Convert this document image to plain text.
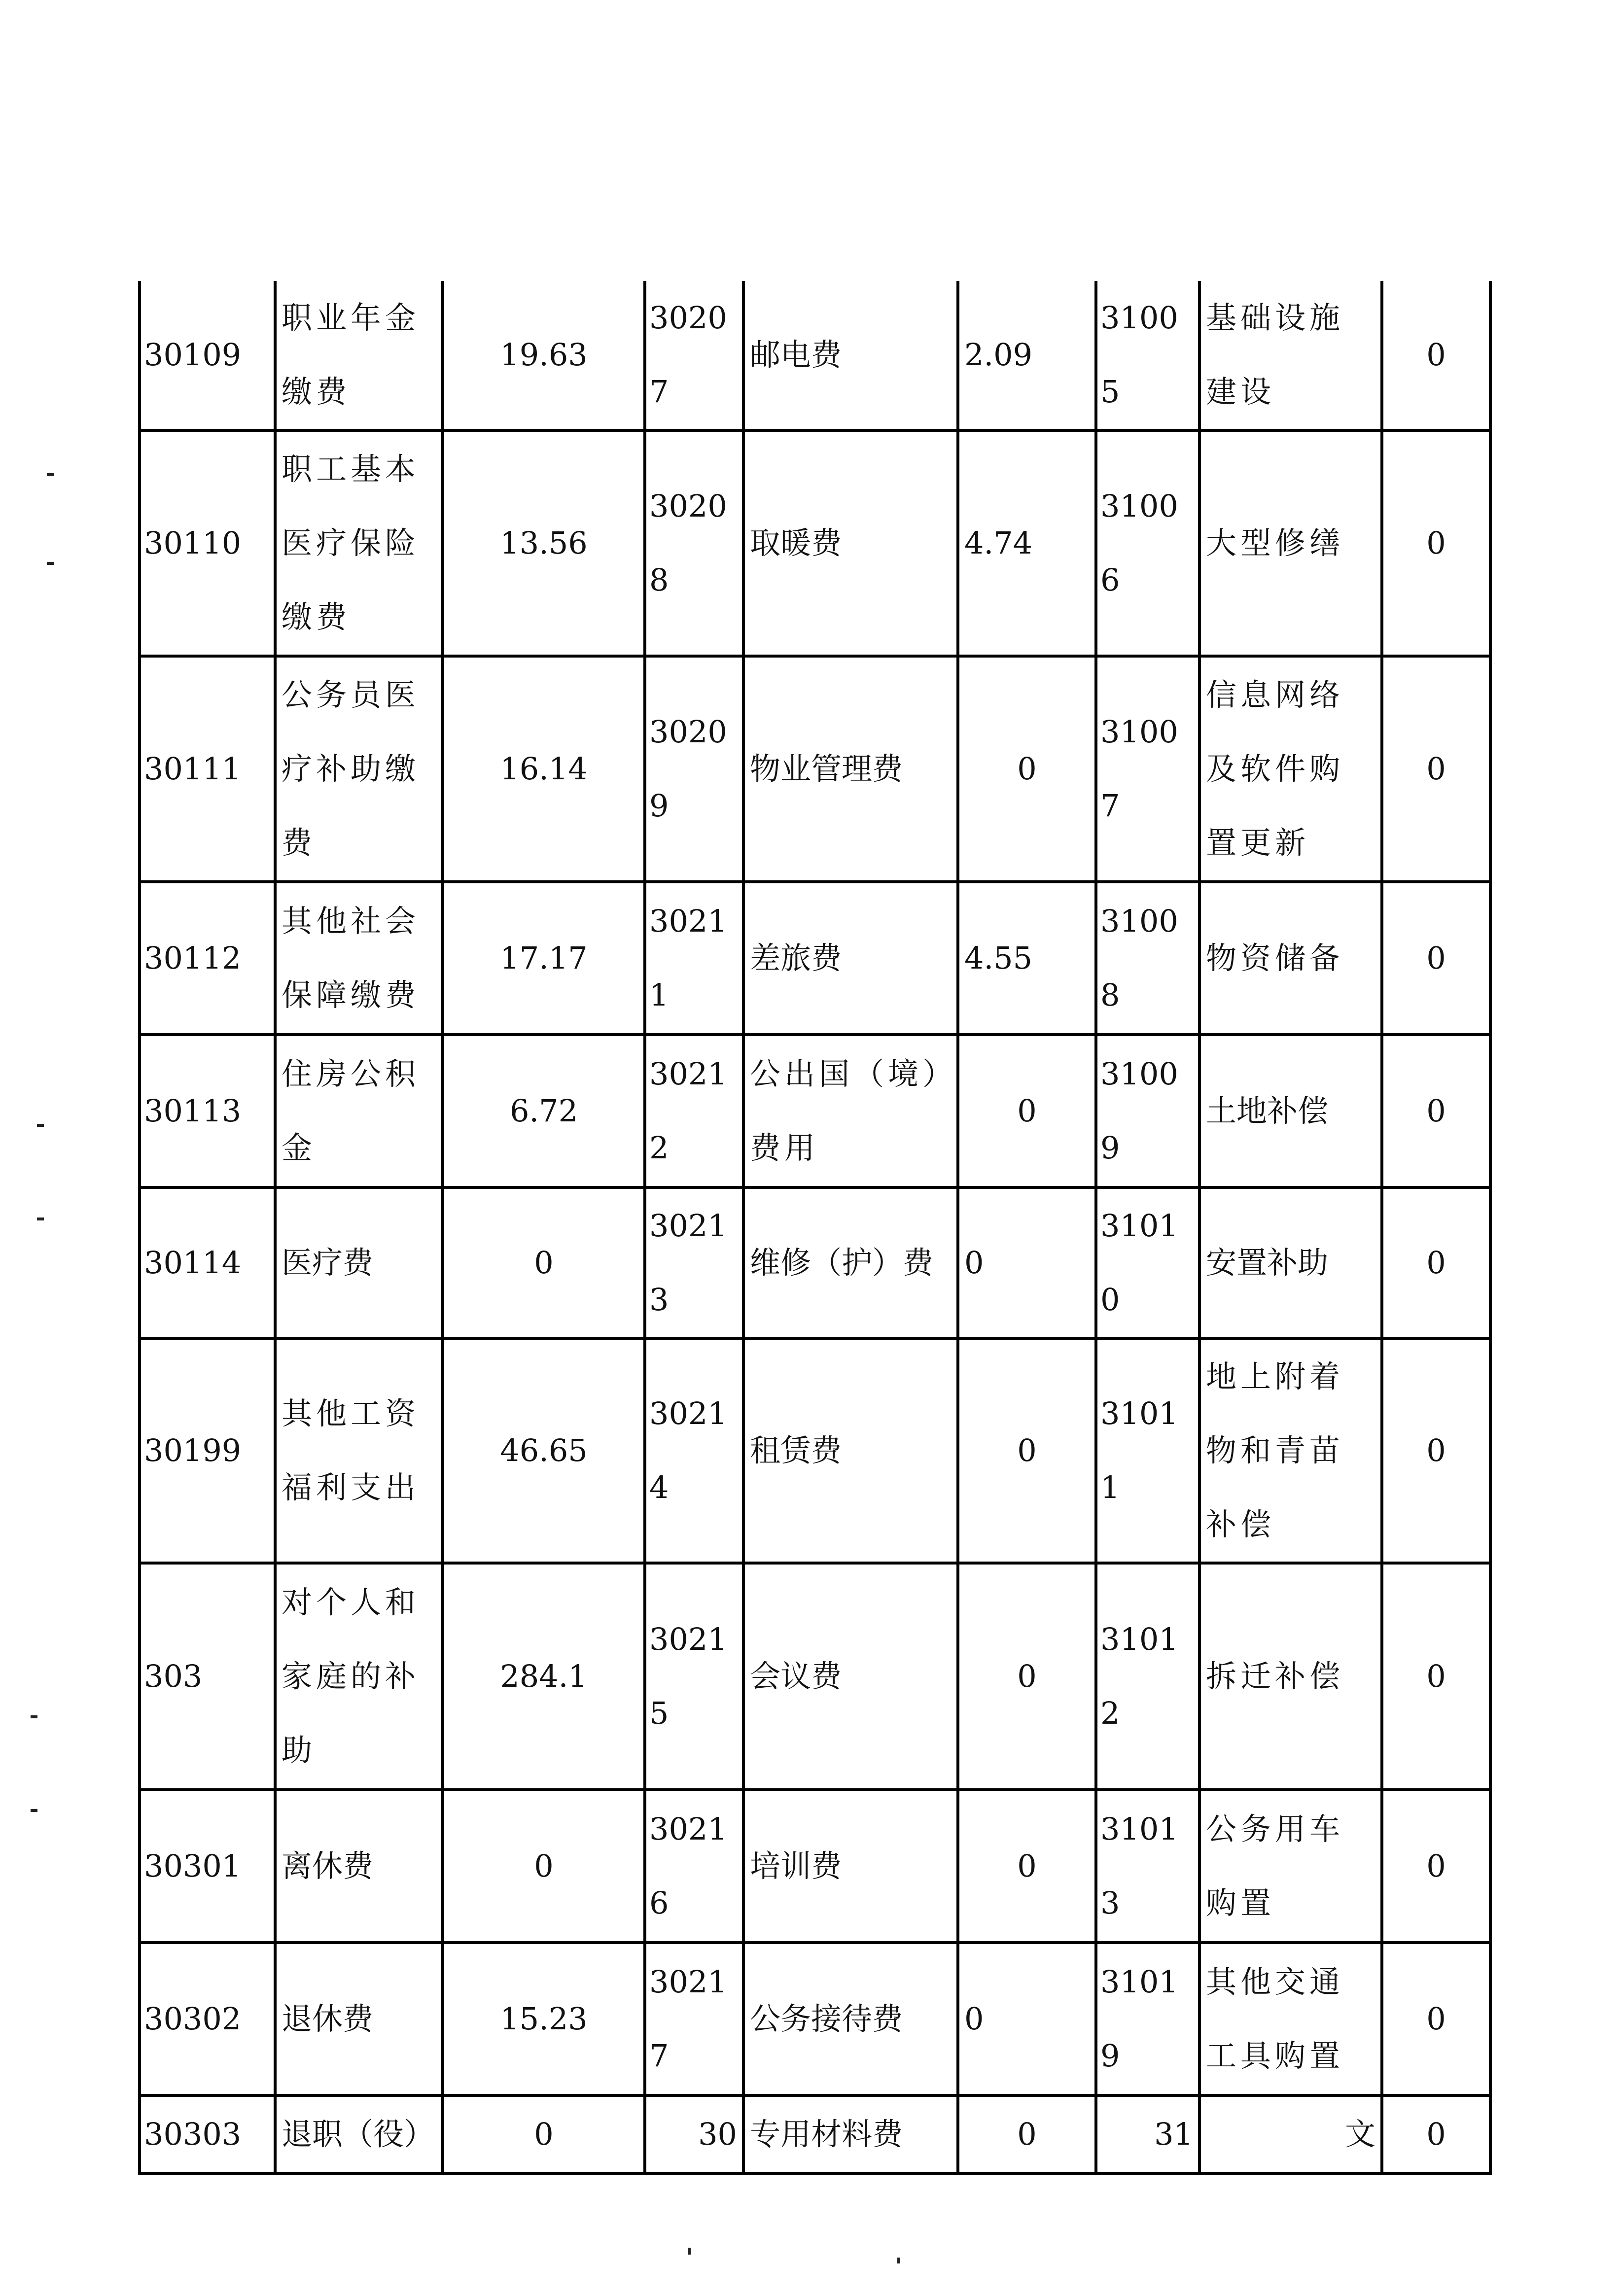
30109	职业年金缴费	19.63	30207	邮电费	2.09	31005	基础设施建设	0
30110	职工基本医疗保险缴费	13.56	30208	取暖费	4.74	31006	大型修缮	0
30111	公务员医疗补助缴费	16.14	30209	物业管理费	0	31007	信息网络及软件购置更新	0
30112	其他社会保障缴费	17.17	30211	差旅费	4.55	31008	物资储备	0
30113	住房公积金	6.72	30212	公出国（境）费用	0	31009	土地补偿	0
30114	医疗费	0	30213	维修（护）费	0	31010	安置补助	0
30199	其他工资福利支出	46.65	30214	租赁费	0	31011	地上附着物和青苗补偿	0
303	对个人和家庭的补助	284.1	30215	会议费	0	31012	拆迁补偿	0
30301	离休费	0	30216	培训费	0	31013	公务用车购置	0
30302	退休费	15.23	30217	公务接待费	0	31019	其他交通工具购置	0
30303	退职（役）	0	30	专用材料费	0	31	文	0
